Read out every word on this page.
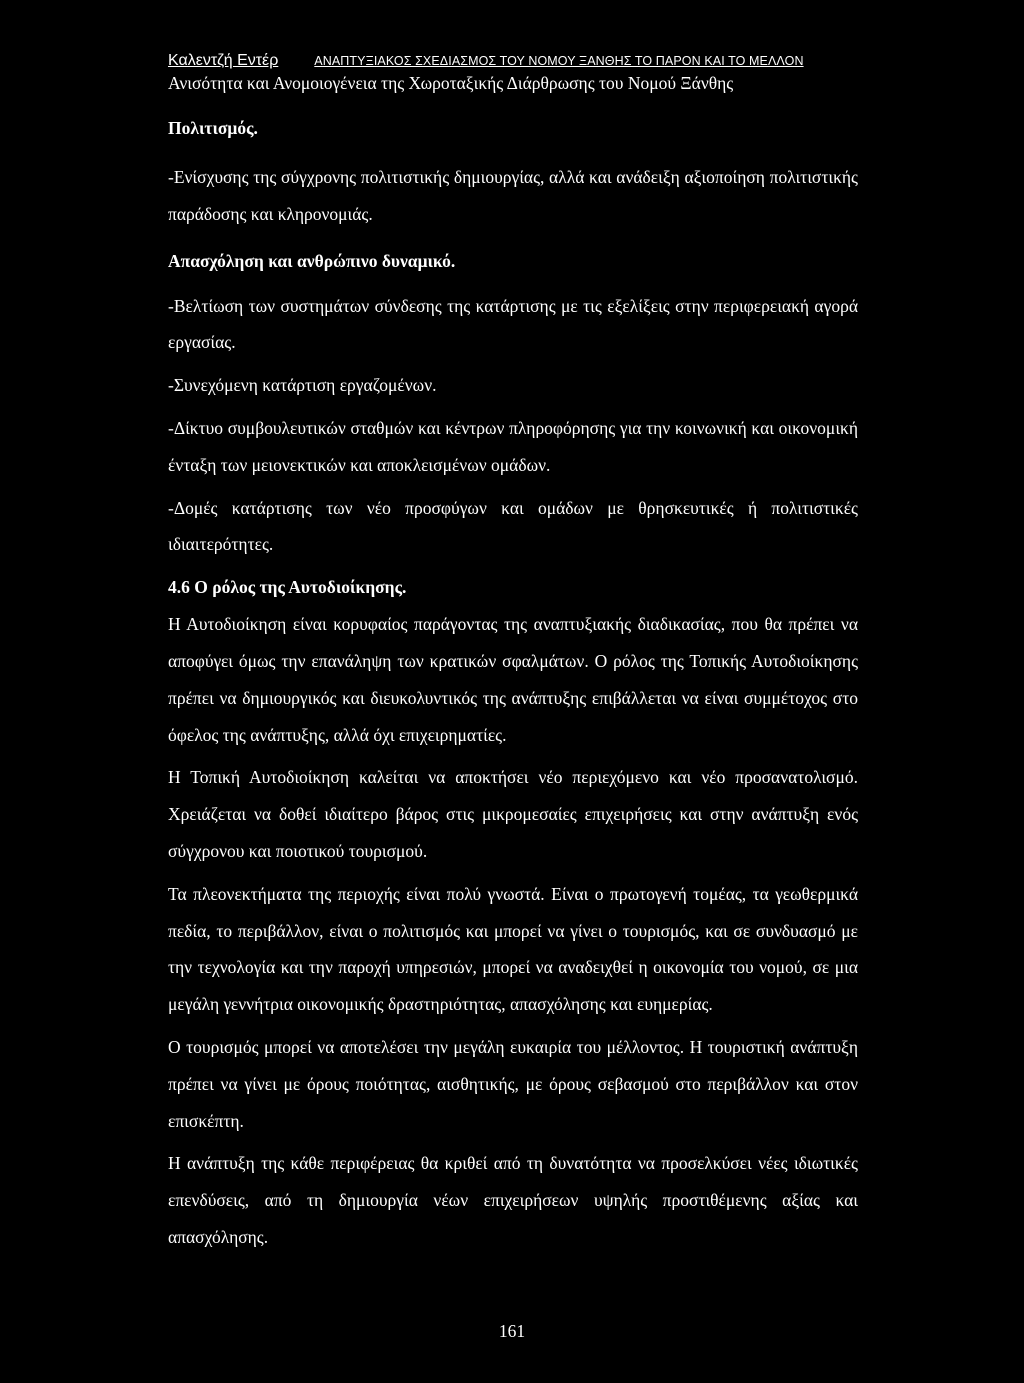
Καλεντζή Εντέρ	ΑΝΑΠΤΥΞΙΑΚΟΣ ΣΧΕΔΙΑΣΜΟΣ ΤΟΥ ΝΟΜΟΥ ΞΑΝΘΗΣ ΤΟ ΠΑΡΟΝ ΚΑΙ ΤΟ ΜΕΛΛΟΝ
Ανισότητα και Ανομοιογένεια της Χωροταξικής Διάρθρωσης του Νομού Ξάνθης

Πολιτισμός.

-Ενίσχυσης της σύγχρονης πολιτιστικής δημιουργίας, αλλά και ανάδειξη αξιοποίηση πολιτιστικής παράδοσης και κληρονομιάς.

Απασχόληση και ανθρώπινο δυναμικό.

-Βελτίωση των συστημάτων σύνδεσης της κατάρτισης με τις εξελίξεις στην περιφερειακή αγορά εργασίας.

-Συνεχόμενη κατάρτιση εργαζομένων.

-Δίκτυο συμβουλευτικών σταθμών και κέντρων πληροφόρησης για την κοινωνική και οικονομική ένταξη των μειονεκτικών και αποκλεισμένων ομάδων.

-Δομές κατάρτισης των νέο προσφύγων και ομάδων με θρησκευτικές ή πολιτιστικές ιδιαιτερότητες.

4.6 Ο ρόλος της Αυτοδιοίκησης.

Η Αυτοδιοίκηση είναι κορυφαίος παράγοντας της αναπτυξιακής διαδικασίας, που θα πρέπει να αποφύγει όμως την επανάληψη των κρατικών σφαλμάτων. Ο ρόλος της Τοπικής Αυτοδιοίκησης πρέπει να δημιουργικός και διευκολυντικός της ανάπτυξης επιβάλλεται να είναι συμμέτοχος στο όφελος της ανάπτυξης, αλλά όχι επιχειρηματίες.

Η Τοπική Αυτοδιοίκηση καλείται να αποκτήσει νέο περιεχόμενο και νέο προσανατολισμό. Χρειάζεται να δοθεί ιδιαίτερο βάρος στις μικρομεσαίες επιχειρήσεις και στην ανάπτυξη ενός σύγχρονου και ποιοτικού τουρισμού.

Τα πλεονεκτήματα της περιοχής είναι πολύ γνωστά. Είναι ο πρωτογενή τομέας, τα γεωθερμικά πεδία, το περιβάλλον, είναι ο πολιτισμός και μπορεί να γίνει ο τουρισμός, και σε συνδυασμό με την τεχνολογία και την παροχή υπηρεσιών, μπορεί να αναδειχθεί η οικονομία του νομού, σε μια μεγάλη γεννήτρια οικονομικής δραστηριότητας, απασχόλησης και ευημερίας.

Ο τουρισμός μπορεί να αποτελέσει την μεγάλη ευκαιρία του μέλλοντος. Η τουριστική ανάπτυξη πρέπει να γίνει με όρους ποιότητας, αισθητικής, με όρους σεβασμού στο περιβάλλον και στον επισκέπτη.

Η ανάπτυξη της κάθε περιφέρειας θα κριθεί από τη δυνατότητα να προσελκύσει νέες ιδιωτικές επενδύσεις, από τη δημιουργία νέων επιχειρήσεων υψηλής προστιθέμενης αξίας και απασχόλησης.

161
